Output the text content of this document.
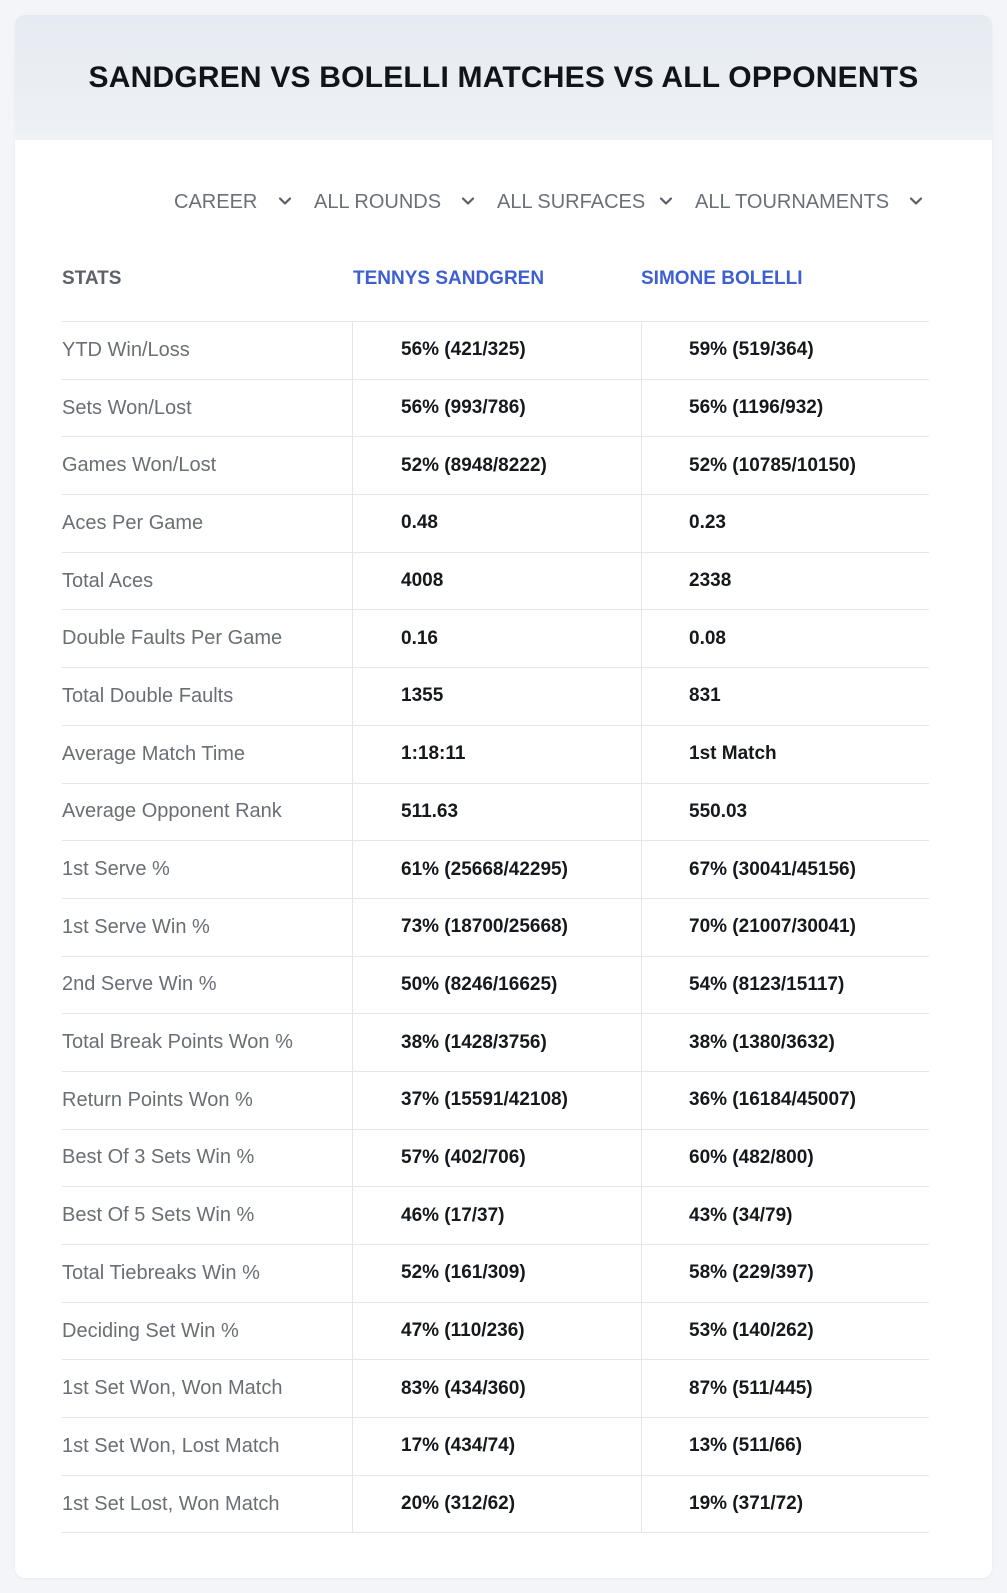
SANDGREN VS BOLELLI MATCHES VS ALL OPPONENTS
CAREER	ALL ROUNDS	ALL SURFACES ALL TOURNAMENTS
STATS	TENNYS SANDGREN	SIMONE BOLELLI
YTD Win/Loss	56% (421/325)	59% (519/364)
Sets Won/Lost	56% (993/786)	56% (1196/932)
Games Won/Lost	52% (8948/8222)	52% (10785/10150)
Aces Per Game	0.48	0.23
Total Aces	4008	2338
Double Faults Per Game	0.16	0.08
Total Double Faults	1355	831
Average Match Time	1:18:11	1st Match
Average Opponent Rank	511.63	550.03
1st Serve %	61% (25668/42295)	67% (30041/45156)
1st Serve Win %	73% (18700/25668)	70% (21007/30041)
2nd Serve Win %	50% (8246/16625)	54% (8123/15117)
Total Break Points Won %	38% (1428/3756)	38% (1380/3632)
Return Points Won %	37% (15591/42108)	36% (16184/45007)
Best Of 3 Sets Win %	57% (402/706)	60% (482/800)
Best Of 5 Sets Win %	46% (17/37)	43% (34/79)
Total Tiebreaks Win %	52% (161/309)	58% (229/397)
Deciding Set Win %	47% (110/236)	53% (140/262)
1st Set Won, Won Match	83% (434/360)	87% (511/445)
1st Set Won, Lost Match	17% (434/74)	13% (511/66)
1st Set Lost, Won Match	20% (312/62)	19% (371/72)
